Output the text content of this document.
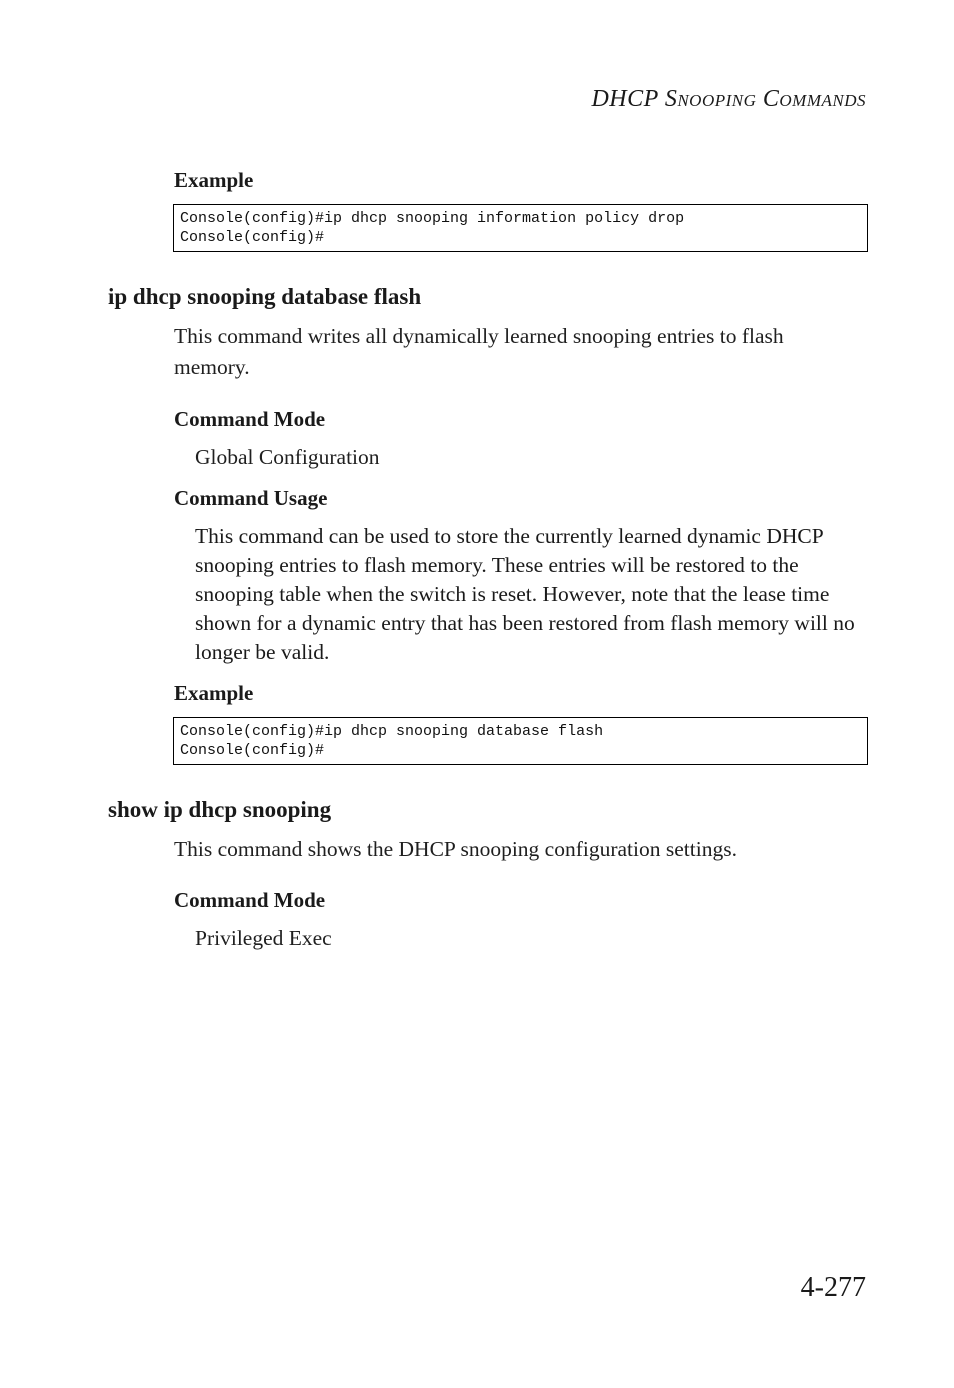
DHCP Snooping Commands
Example
Console(config)#ip dhcp snooping information policy drop
Console(config)#
ip dhcp snooping database flash

This command writes all dynamically learned snooping entries to flash memory.

Command Mode

Global Configuration

Command Usage

This command can be used to store the currently learned dynamic DHCP snooping entries to flash memory. These entries will be restored to the snooping table when the switch is reset. However, note that the lease time shown for a dynamic entry that has been restored from flash memory will no longer be valid.

Example
Console(config)#ip dhcp snooping database flash
Console(config)#
show ip dhcp snooping

This command shows the DHCP snooping configuration settings.

Command Mode

Privileged Exec

4-277
